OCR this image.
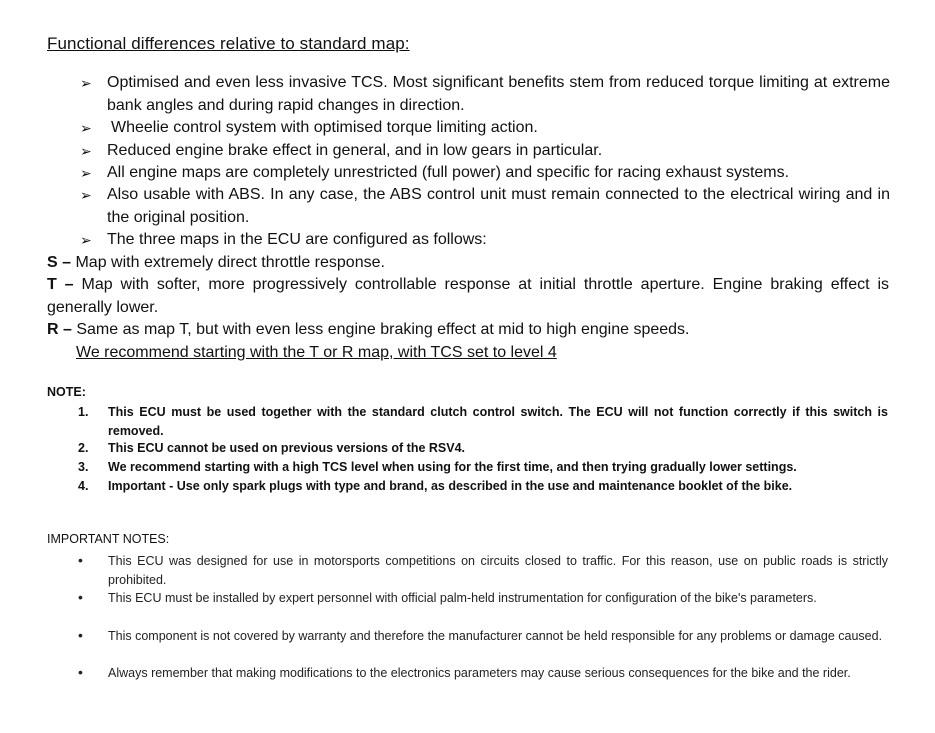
Functional differences relative to standard map:
➢ Optimised and even less invasive TCS. Most significant benefits stem from reduced torque limiting at extreme bank angles and during rapid changes in direction.
➢	Wheelie control system with optimised torque limiting action.
➢ Reduced engine brake effect in general, and in low gears in particular.
➢ All engine maps are completely unrestricted (full power) and specific for racing exhaust systems.
➢ Also usable with ABS. In any case, the ABS control unit must remain connected to the electrical wiring and in the original position.
➢ The three maps in the ECU are configured as follows:
S – Map with extremely direct throttle response.
T – Map with softer, more progressively controllable response at initial throttle aperture. Engine braking effect is generally lower.
R – Same as map T, but with even less engine braking effect at mid to high engine speeds.
We recommend starting with the T or R map, with TCS set to level 4
NOTE:
1. This ECU must be used together with the standard clutch control switch. The ECU will not function correctly if this switch is removed.
2. This ECU cannot be used on previous versions of the RSV4.
3. We recommend starting with a high TCS level when using for the first time, and then trying gradually lower settings.
4. Important - Use only spark plugs with type and brand, as described in the use and maintenance booklet of the bike.
IMPORTANT NOTES:
• This ECU was designed for use in motorsports competitions on circuits closed to traffic. For this reason, use on public roads is strictly prohibited.
• This ECU must be installed by expert personnel with official palm-held instrumentation for configuration of the bike's parameters.
• This component is not covered by warranty and therefore the manufacturer cannot be held responsible for any problems or damage caused.
• Always remember that making modifications to the electronics parameters may cause serious consequences for the bike and the rider.
